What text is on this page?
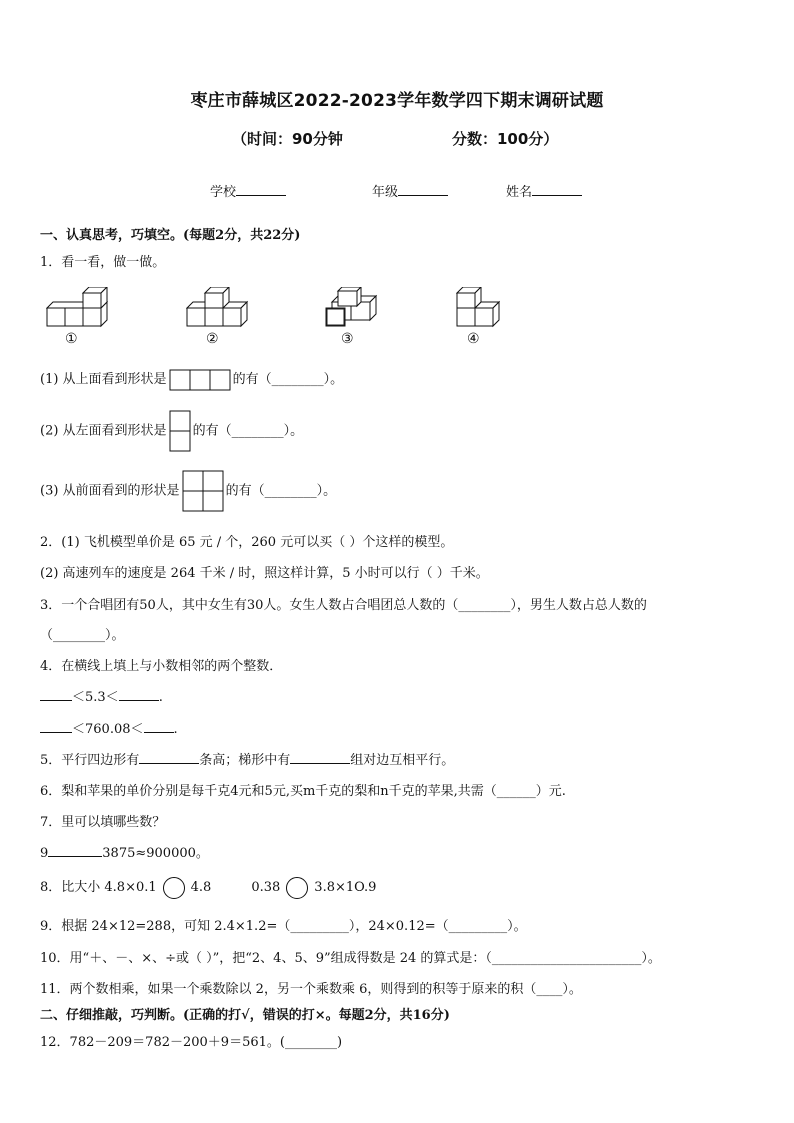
枣庄市薛城区2022-2023学年数学四下期末调研试题
（时间：90分钟	分数：100分）
学校	年级	姓名
一、认真思考，巧填空。(每题2分，共22分)
1．看一看，做一做。
①	②	③	④
(1) 从上面看到形状是	的有（________）。
(2) 从左面看到形状是 的有（________）。
(3) 从前面看到的形状是	的有（________）。
2．(1) 飞机模型单价是 65 元 / 个，260 元可以买（ ）个这样的模型。
(2) 高速列车的速度是 264 千米 / 时，照这样计算，5 小时可以行（ ）千米。
3．一个合唱团有50人，其中女生有30人。女生人数占合唱团总人数的（________），男生人数占总人数的
（________）。
4．在横线上填上与小数相邻的两个整数．
＜5.3＜	.
＜760.08＜ .
5．平行四边形有	条高；梯形中有	组对边互相平行。
6．梨和苹果的单价分别是每千克4元和5元,买m千克的梨和n千克的苹果,共需（______）元.
7．里可以填哪些数？
9	3875≈900000。
8．比大小 4.8×0.1	4.8	0.38	3.8×1O.9
9．根据 24×12=288，可知 2.4×1.2=（_________），24×0.12=（_________）。
10．用“＋、－、×、÷或（ ）”，把“2、4、5、9”组成得数是 24 的算式是：（_______________________）。
11．两个数相乘，如果一个乘数除以 2，另一个乘数乘 6，则得到的积等于原来的积（____）。
二、仔细推敲，巧判断。(正确的打√，错误的打×。每题2分，共16分)
12．782－209＝782－200＋9＝561。(________)
